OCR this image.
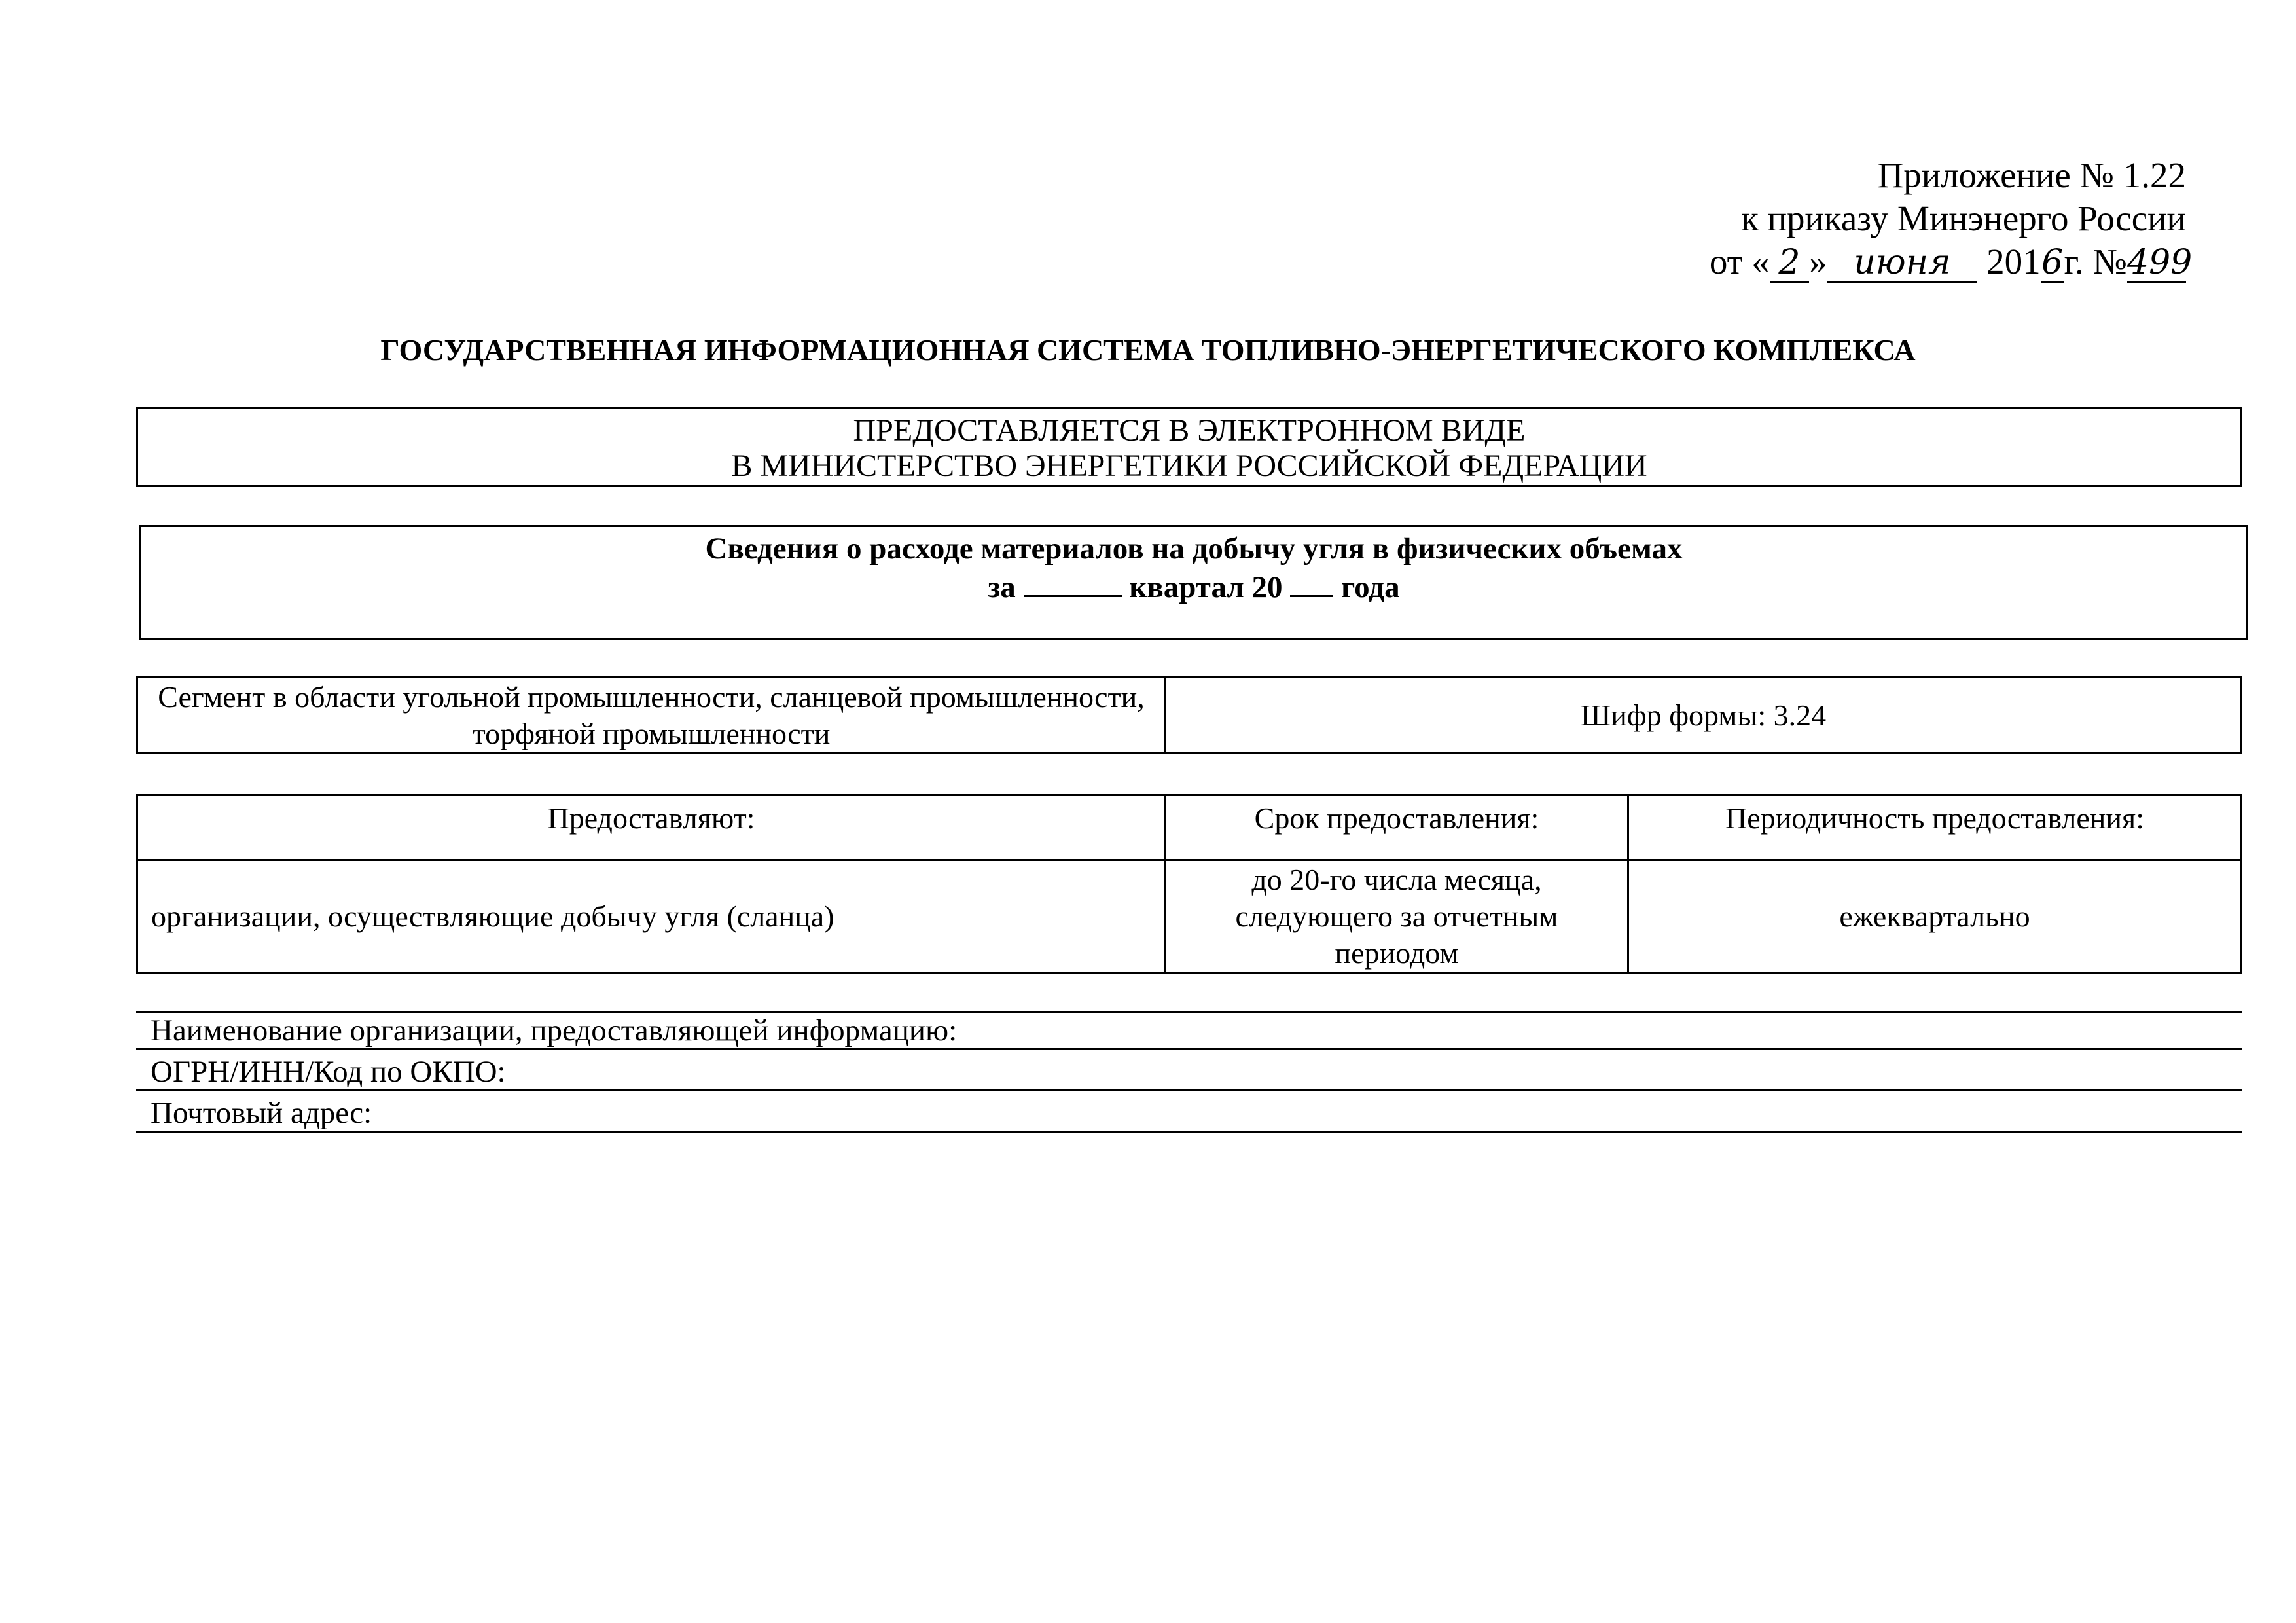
Приложение № 1.22
к приказу Минэнерго России
от « 2 » июня 2016г. №499
ГОСУДАРСТВЕННАЯ ИНФОРМАЦИОННАЯ СИСТЕМА ТОПЛИВНО-ЭНЕРГЕТИЧЕСКОГО КОМПЛЕКСА
ПРЕДОСТАВЛЯЕТСЯ В ЭЛЕКТРОННОМ ВИДЕ
В МИНИСТЕРСТВО ЭНЕРГЕТИКИ РОССИЙСКОЙ ФЕДЕРАЦИИ
Сведения о расходе материалов на добычу угля в физических объемах
за	квартал 20 года
Сегмент в области угольной промышленности, сланцевой промышленности, торфяной промышленности	Шифр формы: 3.24
Предоставляют:	Срок предоставления:	Периодичность предоставления:
организации, осуществляющие добычу угля (сланца)	до 20-го числа месяца, следующего за отчетным периодом	ежеквартально
Наименование организации, предоставляющей информацию:
ОГРН/ИНН/Код по ОКПО:
Почтовый адрес:
